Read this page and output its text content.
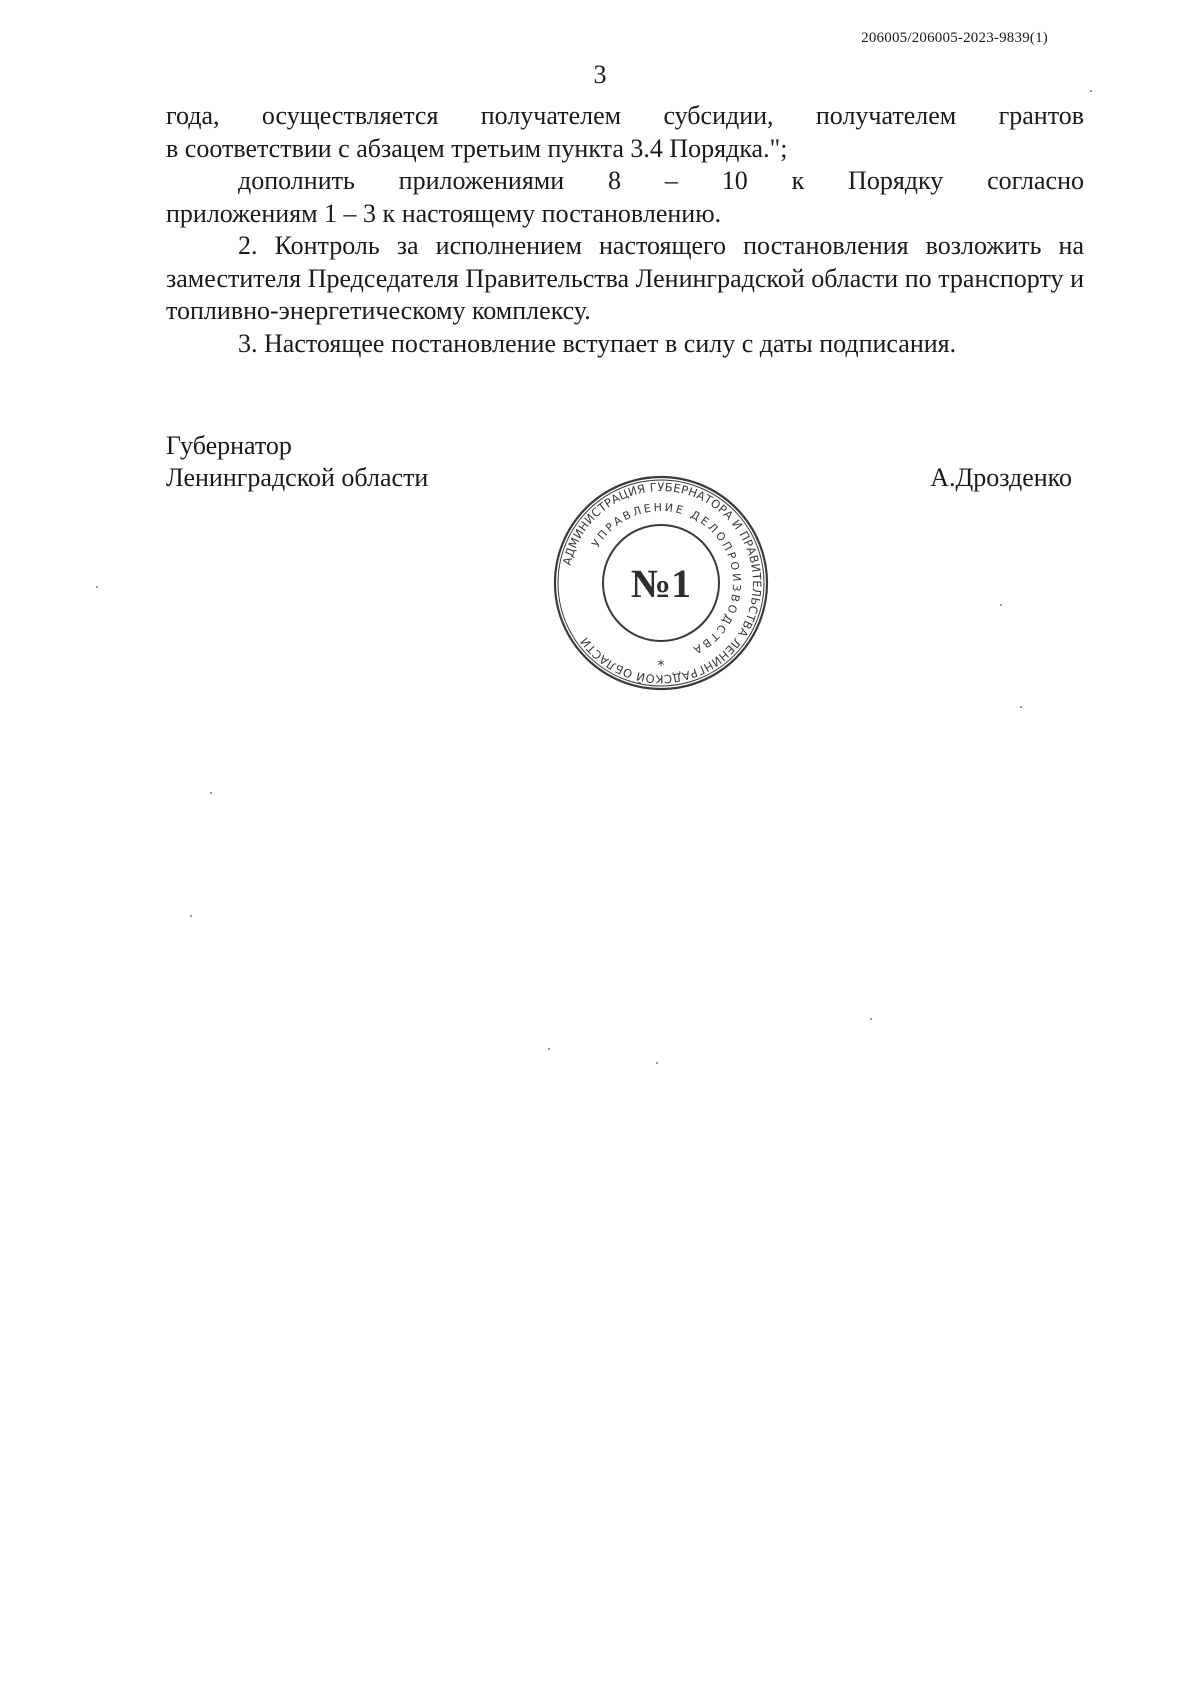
206005/206005-2023-9839(1)
3

года, осуществляется получателем субсидии, получателем грантов
в соответствии с абзацем третьим пункта 3.4 Порядка.";

дополнить приложениями 8 – 10 к Порядку согласно
приложениям 1 – 3 к настоящему постановлению.

2. Контроль за исполнением настоящего постановления возложить на заместителя Председателя Правительства Ленинградской области по транспорту и топливно-энергетическому комплексу.

3. Настоящее постановление вступает в силу с даты подписания.

Губернатор
Ленинградской области	А.Дрозденко
АДМИНИСТРАЦИЯ ГУБЕРНАТОРА И ПРАВИТЕЛЬСТВА ЛЕНИНГРАДСКОЙ ОБЛАСТИ
УПРАВЛЕНИЕ ДЕЛОПРОИЗВОДСТВА
№1
*
